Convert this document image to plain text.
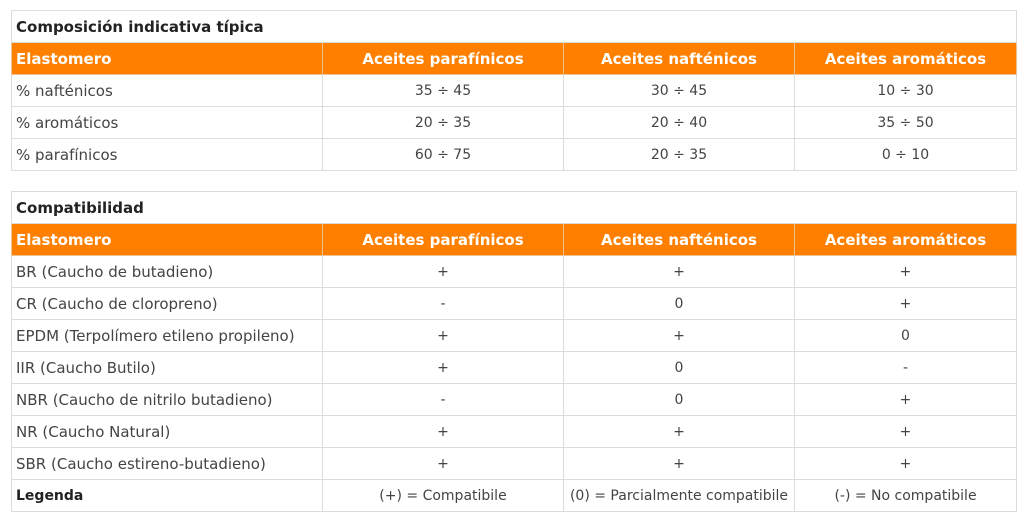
Composición indicativa típica			
Elastomero	Aceites parafínicos	Aceites nafténicos	Aceites aromáticos
% nafténicos	35 ÷ 45	30 ÷ 45	10 ÷ 30
% aromáticos	20 ÷ 35	20 ÷ 40	35 ÷ 50
% parafínicos	60 ÷ 75	20 ÷ 35	0 ÷ 10
Compatibilidad			
Elastomero	Aceites parafínicos	Aceites nafténicos	Aceites aromáticos
BR (Caucho de butadieno)	+	+	+
CR (Caucho de cloropreno)	-	0	+
EPDM (Terpolímero etileno propileno)	+	+	0
IIR (Caucho Butilo)	+	0	-
NBR (Caucho de nitrilo butadieno)	-	0	+
NR (Caucho Natural)	+	+	+
SBR (Caucho estireno-butadieno)	+	+	+
Legenda	(+) = Compatibile	(0) = Parcialmente compatibile	(-) = No compatibile
